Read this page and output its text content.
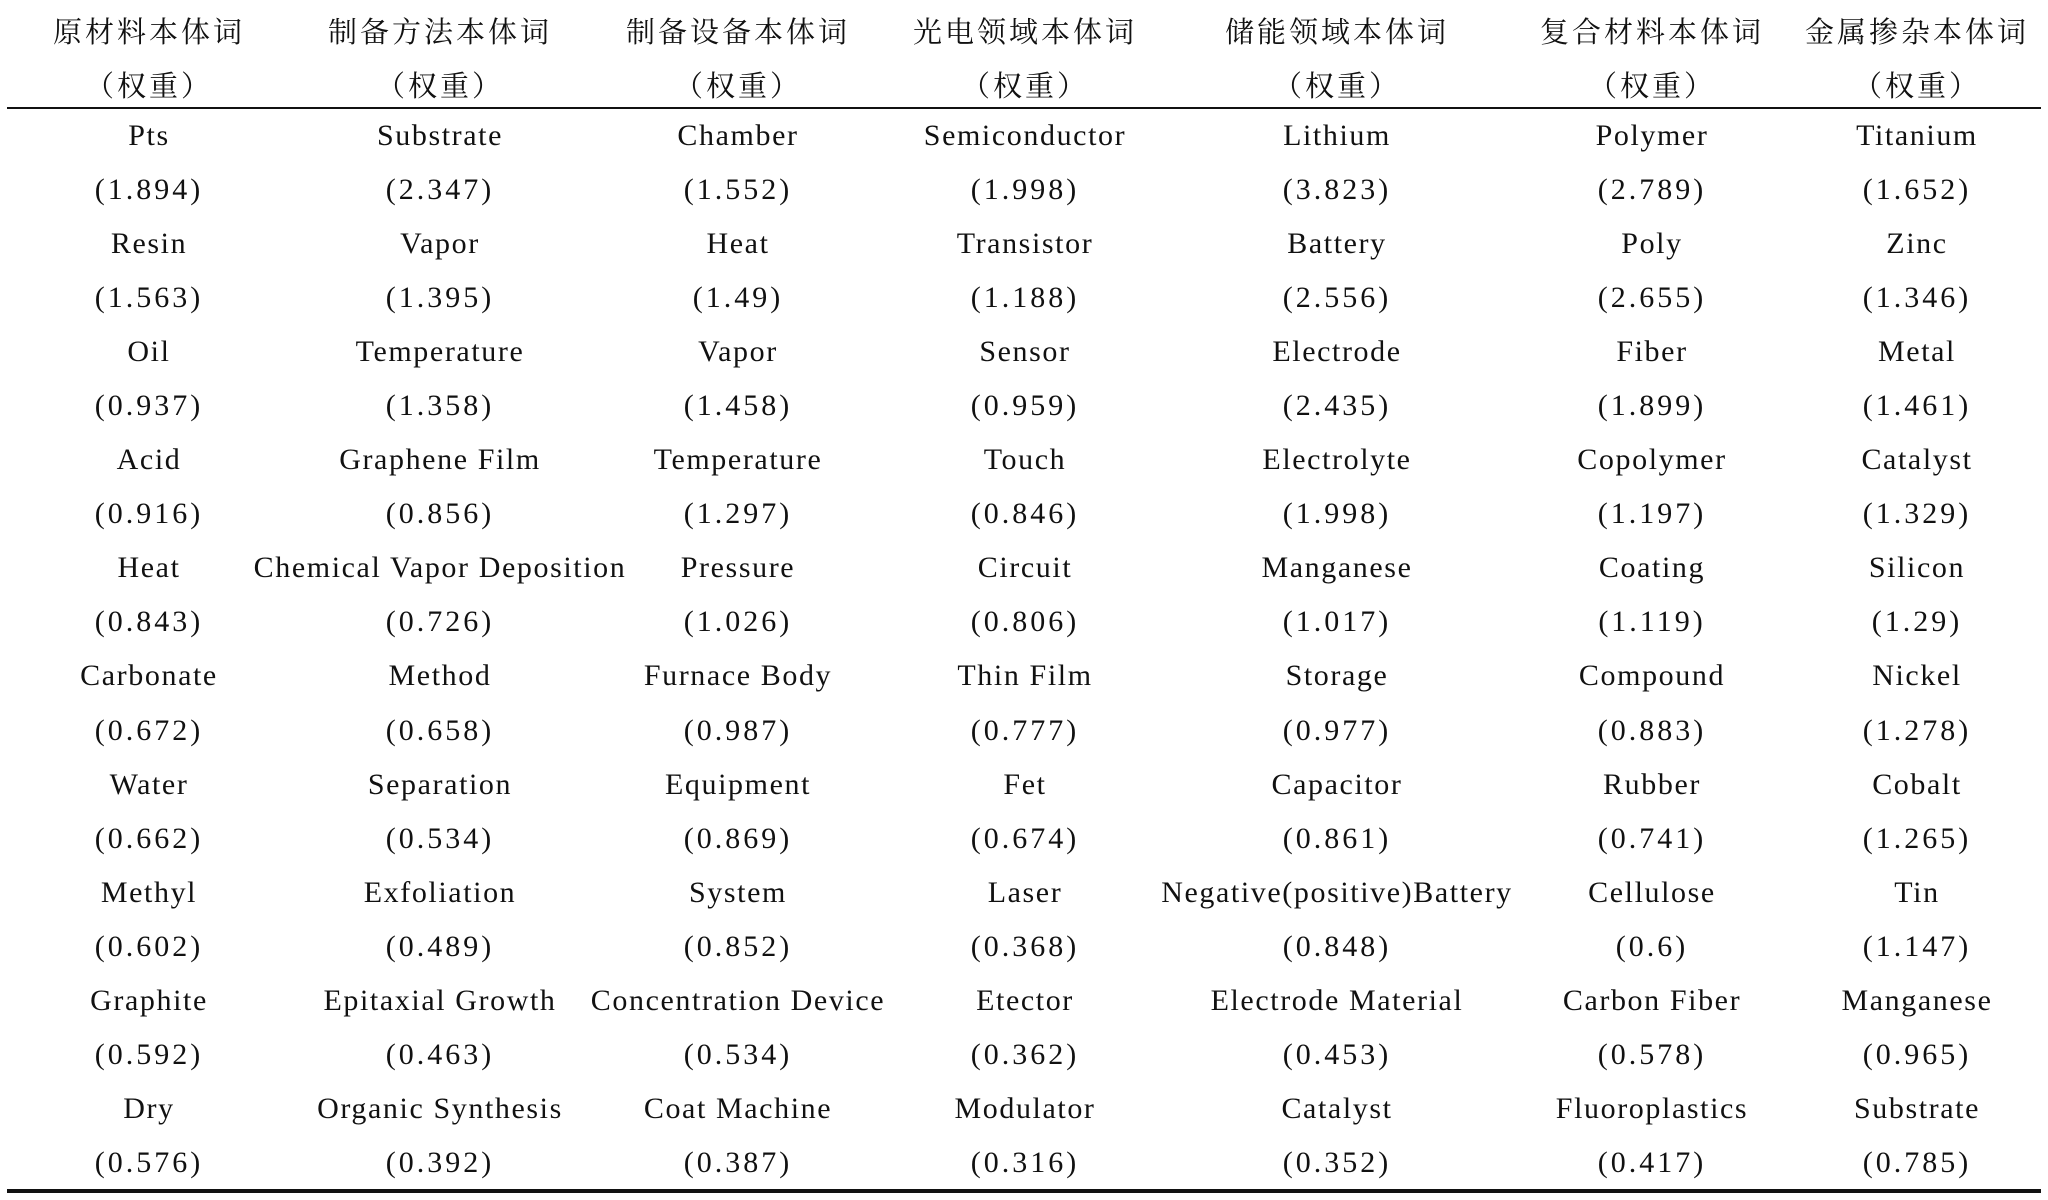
原材料本体词
（权重）
Pts
(1.894)
Resin
(1.563)
Oil
(0.937)
Acid
(0.916)
Heat
(0.843)
Carbonate
(0.672)
Water
(0.662)
Methyl
(0.602)
Graphite
(0.592)
Dry
(0.576)
制备方法本体词
（权重）
Substrate
(2.347)
Vapor
(1.395)
Temperature
(1.358)
Graphene Film
(0.856)
Chemical Vapor Deposition
(0.726)
Method
(0.658)
Separation
(0.534)
Exfoliation
(0.489)
Epitaxial Growth
(0.463)
Organic Synthesis
(0.392)
制备设备本体词
（权重）
Chamber
(1.552)
Heat
(1.49)
Vapor
(1.458)
Temperature
(1.297)
Pressure
(1.026)
Furnace Body
(0.987)
Equipment
(0.869)
System
(0.852)
Concentration Device
(0.534)
Coat Machine
(0.387)
光电领域本体词
（权重）
Semiconductor
(1.998)
Transistor
(1.188)
Sensor
(0.959)
Touch
(0.846)
Circuit
(0.806)
Thin Film
(0.777)
Fet
(0.674)
Laser
(0.368)
Etector
(0.362)
Modulator
(0.316)
储能领域本体词
（权重）
Lithium
(3.823)
Battery
(2.556)
Electrode
(2.435)
Electrolyte
(1.998)
Manganese
(1.017)
Storage
(0.977)
Capacitor
(0.861)
Negative(positive)Battery
(0.848)
Electrode Material
(0.453)
Catalyst
(0.352)
复合材料本体词
（权重）
Polymer
(2.789)
Poly
(2.655)
Fiber
(1.899)
Copolymer
(1.197)
Coating
(1.119)
Compound
(0.883)
Rubber
(0.741)
Cellulose
(0.6)
Carbon Fiber
(0.578)
Fluoroplastics
(0.417)
金属掺杂本体词
（权重）
Titanium
(1.652)
Zinc
(1.346)
Metal
(1.461)
Catalyst
(1.329)
Silicon
(1.29)
Nickel
(1.278)
Cobalt
(1.265)
Tin
(1.147)
Manganese
(0.965)
Substrate
(0.785)
